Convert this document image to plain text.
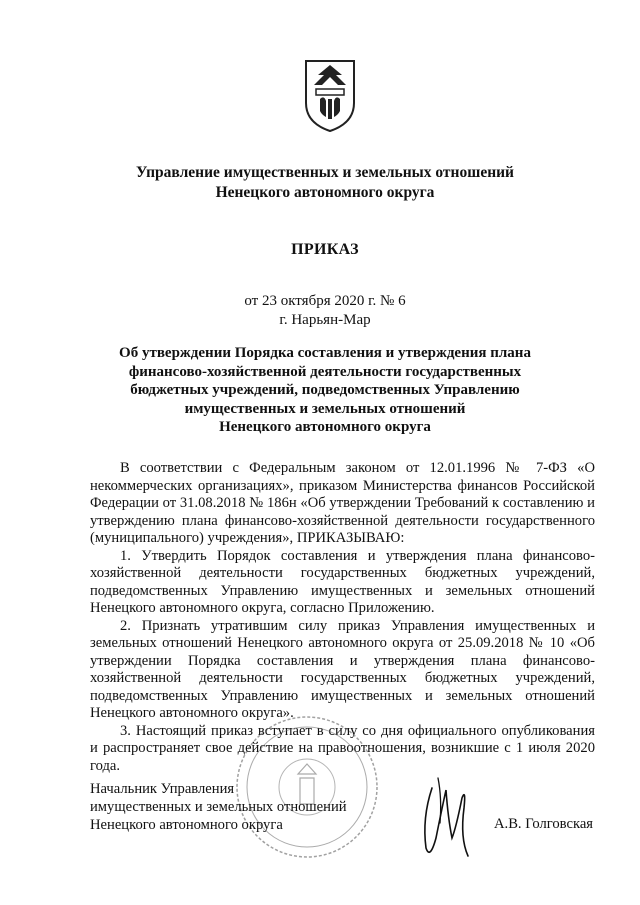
Управление имущественных и земельных отношений
Ненецкого автономного округа
ПРИКАЗ
от 23 октября 2020 г. № 6
г. Нарьян-Мар
Об утверждении Порядка составления и утверждения плана
финансово-хозяйственной деятельности государственных
бюджетных учреждений, подведомственных Управлению
имущественных и земельных отношений
Ненецкого автономного округа

В соответствии с Федеральным законом от 12.01.1996 № 7-ФЗ «О некоммерческих организациях», приказом Министерства финансов Российской Федерации от 31.08.2018 № 186н «Об утверждении Требований к составлению и утверждению плана финансово-хозяйственной деятельности государственного (муниципального) учреждения», ПРИКАЗЫВАЮ:

1. Утвердить Порядок составления и утверждения плана финансово-хозяйственной деятельности государственных бюджетных учреждений, подведомственных Управлению имущественных и земельных отношений Ненецкого автономного округа, согласно Приложению.

2. Признать утратившим силу приказ Управления имущественных и земельных отношений Ненецкого автономного округа от 25.09.2018 № 10 «Об утверждении Порядка составления и утверждения плана финансово-хозяйственной деятельности государственных бюджетных учреждений, подведомственных Управлению имущественных и земельных отношений Ненецкого автономного округа».

3. Настоящий приказ вступает в силу со дня официального опубликования и распространяет свое действие на правоотношения, возникшие с 1 июля 2020 года.

Начальник Управления
имущественных и земельных отношений
Ненецкого автономного округа	А.В. Голговская
